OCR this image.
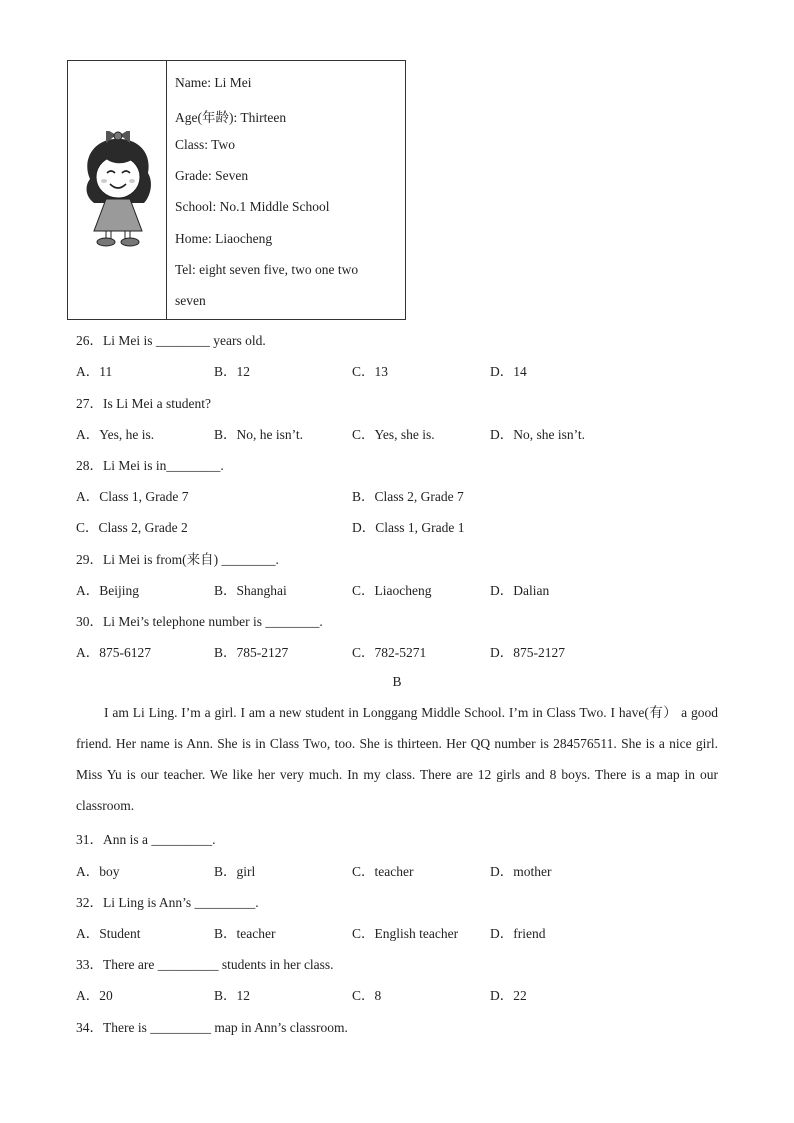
Name: Li Mei
Age(年龄): Thirteen
Class: Two
Grade: Seven
School: No.1 Middle School
Home: Liaocheng
Tel: eight seven five, two one two
seven
26．Li Mei is ________ years old.
A．11	B．12	C．13	D．14
27．Is Li Mei a student?
A．Yes, he is.	B．No, he isn’t.	C．Yes, she is.	D．No, she isn’t.
28．Li Mei is in________.
A．Class 1, Grade 7	B．Class 2, Grade 7
C．Class 2, Grade 2	D．Class 1, Grade 1
29．Li Mei is from(来自) ________.
A．Beijing	B．Shanghai	C．Liaocheng	D．Dalian
30．Li Mei’s telephone number is ________.
A．875-6127	B．785-2127	C．782-5271	D．875-2127
B
I am Li Ling. I’m a girl. I am a new student in Longgang Middle School. I’m in Class Two. I have(有） a good friend. Her name is Ann. She is in Class Two, too. She is thirteen. Her QQ number is 284576511. She is a nice girl. Miss Yu is our teacher. We like her very much. In my class. There are 12 girls and 8 boys. There is a map in our classroom.
31．Ann is a _________.
A．boy	B．girl	C．teacher	D．mother
32．Li Ling is Ann’s _________.
A．Student	B．teacher	C．English teacher D．friend
33．There are _________ students in her class.
A．20	B．12	C．8	D．22
34．There is _________ map in Ann’s classroom.
